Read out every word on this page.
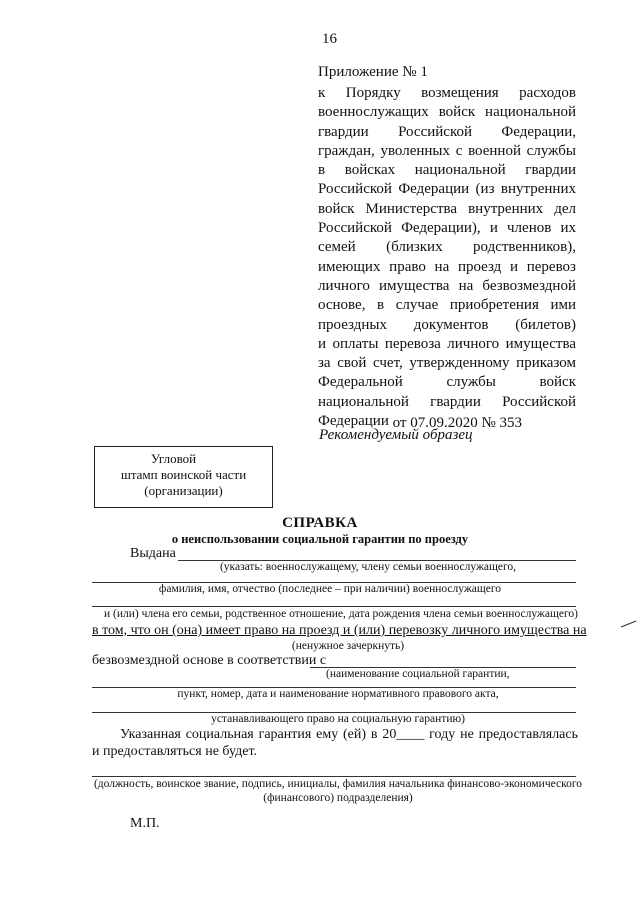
16
Приложение № 1
к Порядку возмещения расходов
военнослужащих войск национальной
гвардии Российской Федерации,
граждан, уволенных с военной службы
в войсках национальной гвардии
Российской Федерации (из внутренних
войск Министерства внутренних дел
Российской Федерации), и членов их
семей (близких родственников),
имеющих право на проезд и перевоз
личного имущества на безвозмездной
основе, в случае приобретения ими
проездных документов (билетов)
и оплаты перевоза личного имущества
за свой счет, утвержденному приказом
Федеральной службы войск
национальной гвардии Российской
Федерации от 07.09.2020 № 353
Рекомендуемый образец
Угловой
штамп воинской части
(организации)
СПРАВКА
о неиспользовании социальной гарантии по проезду
Выдана
(указать: военнослужащему, члену семьи военнослужащего,
фамилия, имя, отчество (последнее – при наличии) военнослужащего
и (или) члена его семьи, родственное отношение, дата рождения члена семьи военнослужащего)
в том, что он (она) имеет право на проезд и (или) перевозку личного имущества на
(ненужное зачеркнуть)
безвозмездной основе в соответствии с
(наименование социальной гарантии,
пункт, номер, дата и наименование нормативного правового акта,
устанавливающего право на социальную гарантию)
Указанная социальная гарантия ему (ей) в 20____ году не предоставлялась
и предоставляться не будет.
(должность, воинское звание, подпись, инициалы, фамилия начальника финансово-экономического
(финансового) подразделения)
М.П.
